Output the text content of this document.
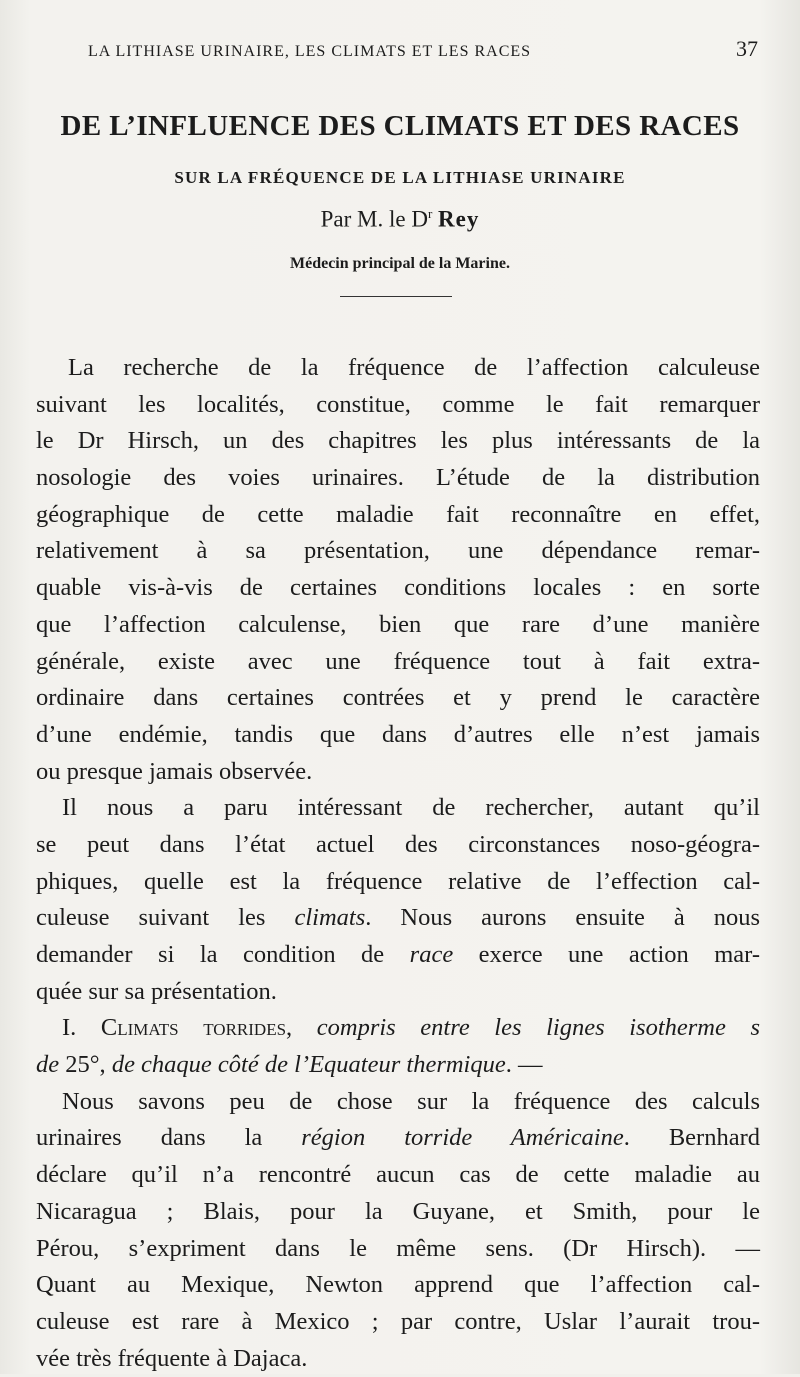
LA LITHIASE URINAIRE, LES CLIMATS ET LES RACES	37
DE L’INFLUENCE DES CLIMATS ET DES RACES
SUR LA FRÉQUENCE DE LA LITHIASE URINAIRE
Par M. le $D^r$ Rey
Médecin principal de la Marine.
La recherche de la fréquence de l’affection calculeuse
suivant les localités, constitue, comme le fait remarquer
le Dr Hirsch, un des chapitres les plus intéressants de la
nosologie des voies urinaires. L’étude de la distribution
géographique de cette maladie fait reconnaître en effet,
relativement à sa présentation, une dépendance remar-
quable vis-à-vis de certaines conditions locales : en sorte
que l’affection calculense, bien que rare d’une manière
générale, existe avec une fréquence tout à fait extra-
ordinaire dans certaines contrées et y prend le caractère
d’une endémie, tandis que dans d’autres elle n’est jamais
ou presque jamais observée.
Il nous a paru intéressant de rechercher, autant qu’il
se peut dans l’état actuel des circonstances noso-géogra-
phiques, quelle est la fréquence relative de l’effection cal-
culeuse suivant les climats. Nous aurons ensuite à nous
demander si la condition de race exerce une action mar-
quée sur sa présentation.
I. Climats torrides, compris entre les lignes isotherme s
de 25°, de chaque côté de l’Equateur thermique. —
Nous savons peu de chose sur la fréquence des calculs
urinaires dans la région torride Américaine. Bernhard
déclare qu’il n’a rencontré aucun cas de cette maladie au
Nicaragua ; Blais, pour la Guyane, et Smith, pour le
Pérou, s’expriment dans le même sens. (Dr Hirsch). —
Quant au Mexique, Newton apprend que l’affection cal-
culeuse est rare à Mexico ; par contre, Uslar l’aurait trou-
vée très fréquente à Dajaca.
